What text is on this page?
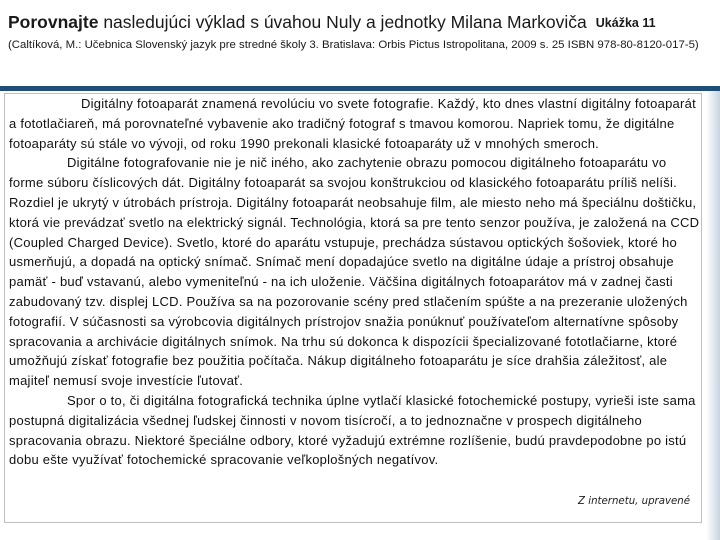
Porovnajte nasledujúci výklad s úvahou Nuly a jednotky Milana Markoviča Ukážka 11
(Caltíková, M.: Učebnica Slovenský jazyk pre stredné školy 3. Bratislava: Orbis Pictus Istropolitana, 2009 s. 25 ISBN 978-80-8120-017-5)

Digitálny fotoaparát znamená revolúciu vo svete fotografie. Každý, kto dnes vlastní digitálny fotoaparát a fototlačiareň, má porovnateľné vybavenie ako tradičný fotograf s tmavou komorou. Napriek tomu, že digitálne fotoaparáty sú stále vo vývoji, od roku 1990 prekonali klasické fotoaparáty už v mnohých smeroch.

Digitálne fotografovanie nie je nič iného, ako zachytenie obrazu pomocou digitálneho fotoaparátu vo forme súboru číslicových dát. Digitálny fotoaparát sa svojou konštrukciou od klasického fotoaparátu príliš nelíši. Rozdiel je ukrytý v útrobách prístroja. Digitálny fotoaparát neobsahuje film, ale miesto neho má špeciálnu doštičku, ktorá vie prevádzať svetlo na elektrický signál. Technológia, ktorá sa pre tento senzor používa, je založená na CCD (Coupled Charged Device). Svetlo, ktoré do aparátu vstupuje, prechádza sústavou optických šošoviek, ktoré ho usmerňujú, a dopadá na optický snímač. Snímač mení dopadajúce svetlo na digitálne údaje a prístroj obsahuje pamäť - buď vstavanú, alebo vymeniteľnú - na ich uloženie. Väčšina digitálnych fotoaparátov má v zadnej časti zabudovaný tzv. displej LCD. Používa sa na pozorovanie scény pred stlačením spúšte a na prezeranie uložených fotografií. V súčasnosti sa výrobcovia digitálnych prístrojov snažia ponúknuť používateľom alternatívne spôsoby spracovania a archivácie digitálnych snímok. Na trhu sú dokonca k dispozícii špecializované fototlačiarne, ktoré umožňujú získať fotografie bez použitia počítača. Nákup digitálneho fotoaparátu je síce drahšia záležitosť, ale majiteľ nemusí svoje investície ľutovať.

Spor o to, či digitálna fotografická technika úplne vytlačí klasické fotochemické postupy, vyrieši iste sama postupná digitalizácia všednej ľudskej činnosti v novom tisícročí, a to jednoznačne v prospech digitálneho spracovania obrazu. Niektoré špeciálne odbory, ktoré vyžadujú extrémne rozlíšenie, budú pravdepodobne po istú dobu ešte využívať fotochemické spracovanie veľkoplošných negatívov.

Z internetu, upravené
